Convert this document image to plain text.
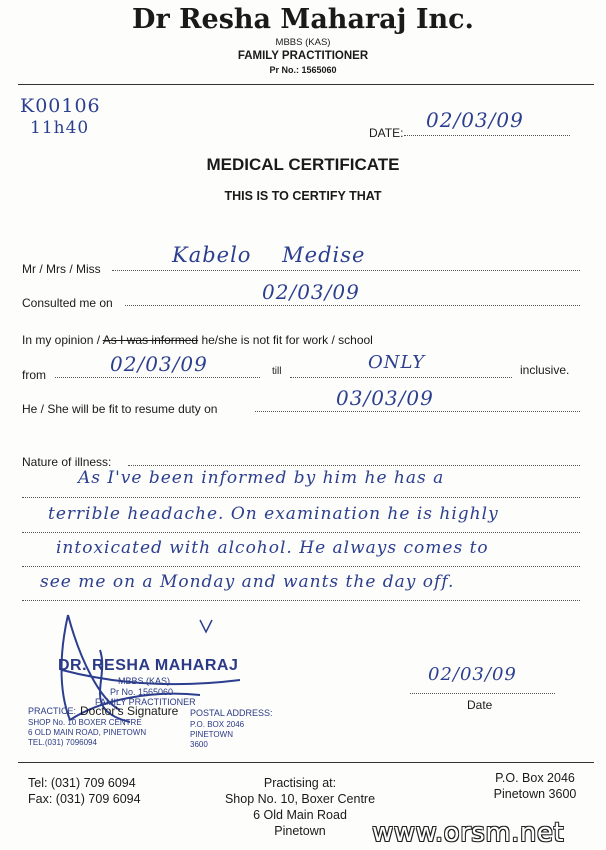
Dr Resha Maharaj Inc.
MBBS (KAS)
FAMILY PRACTITIONER
Pr No.: 1565060
K00106
11h40	DATE:
02/03/09
MEDICAL CERTIFICATE
THIS IS TO CERTIFY THAT
Mr / Mrs / Miss
Kabelo    Medise
Consulted me on	02/03/09
In my opinion / As I was informed he/she is not fit for work / school
from	02/03/09	till	ONLY	inclusive.
He / She will be fit to resume duty on	03/03/09
Nature of illness:
As I've been informed by him he has a
terrible headache. On examination he is highly
intoxicated with alcohol. He always comes to
see me on a Monday and wants the day off.
DR. RESHA MAHARAJ
MBBS (KAS)
Pr No. 1565060
FAMILY PRACTITIONER
PRACTICE: Doctor's Signature POSTAL ADDRESS:
SHOP No. 10 BOXER CENTRE
6 OLD MAIN ROAD, PINETOWN
TEL.(031) 7096094
P.O. BOX 2046
PINETOWN
3600
02/03/09
Date
Tel: (031) 709 6094
Fax: (031) 709 6094
Practising at:
Shop No. 10, Boxer Centre
6 Old Main Road
Pinetown
P.O. Box 2046
Pinetown 3600
www.orsm.net
